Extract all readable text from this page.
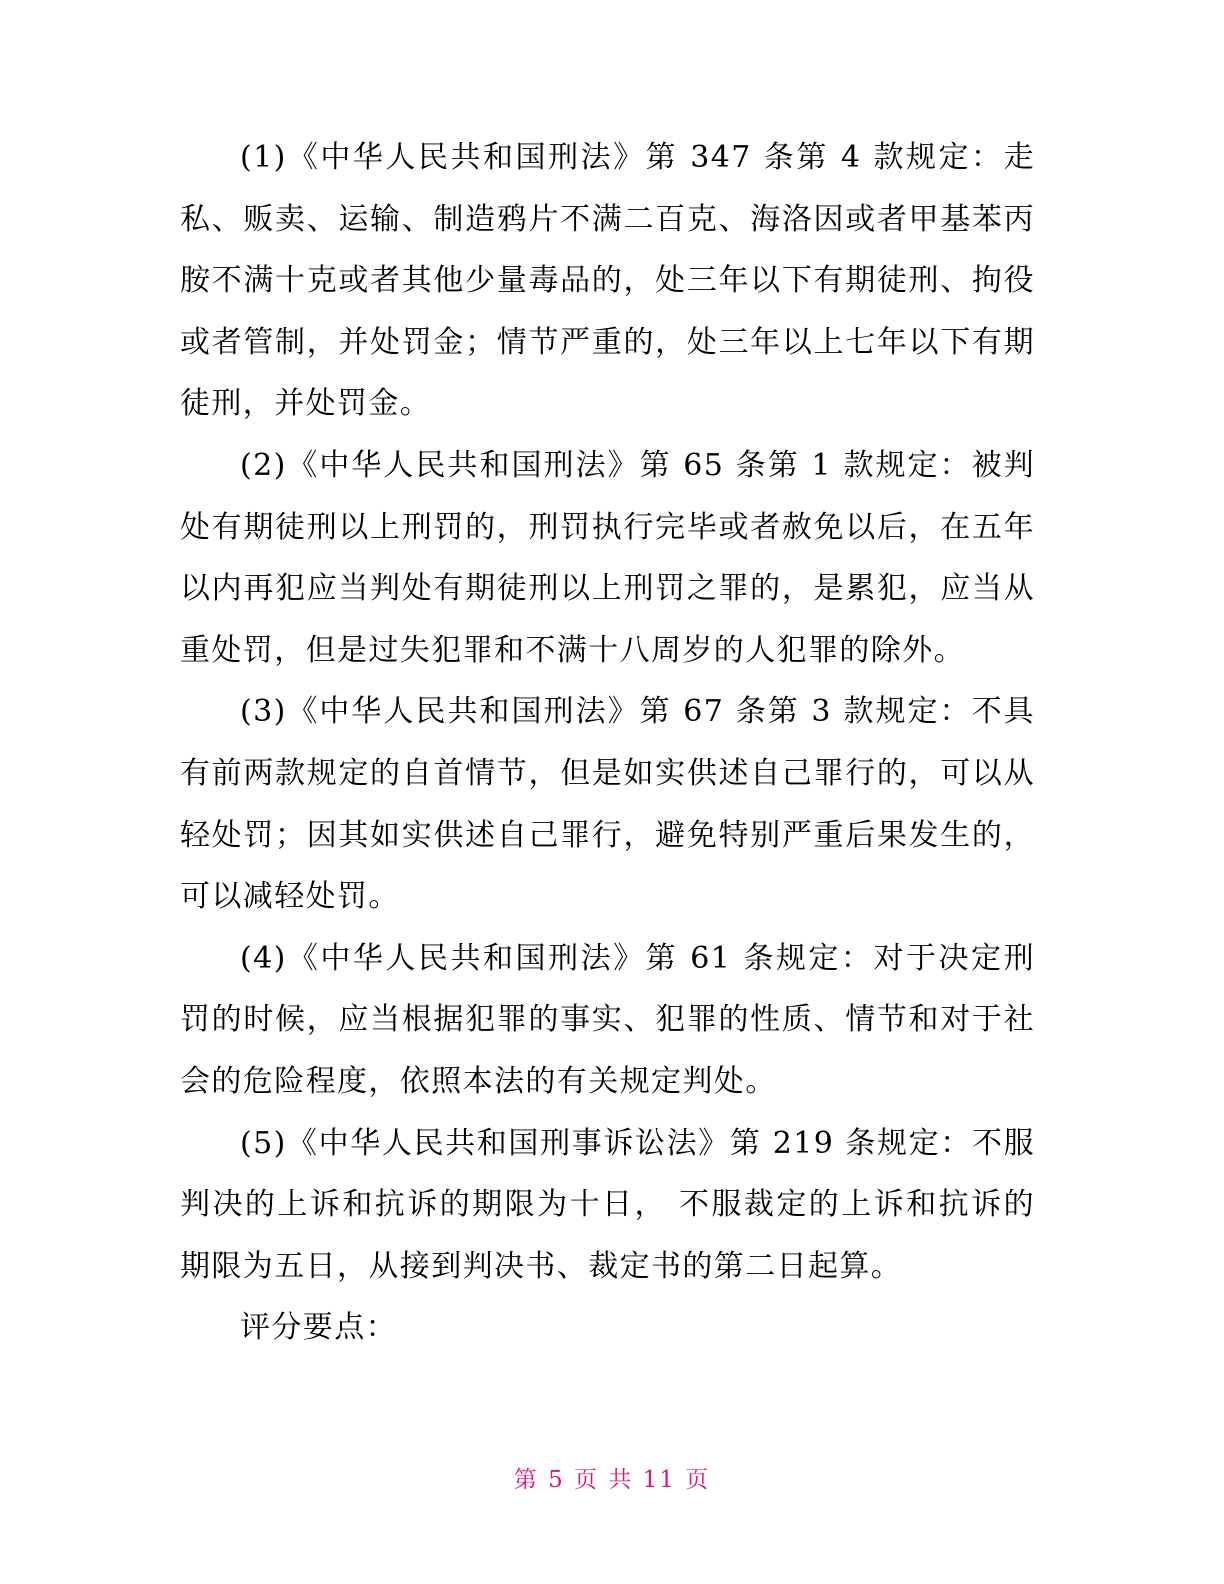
(1)《中华人民共和国刑法》第 347 条第 4 款规定：走私、贩卖、运输、制造鸦片不满二百克、海洛因或者甲基苯丙胺不满十克或者其他少量毒品的，处三年以下有期徒刑、拘役或者管制，并处罚金；情节严重的，处三年以上七年以下有期徒刑，并处罚金。

(2)《中华人民共和国刑法》第 65 条第 1 款规定：被判处有期徒刑以上刑罚的，刑罚执行完毕或者赦免以后，在五年以内再犯应当判处有期徒刑以上刑罚之罪的，是累犯，应当从重处罚，但是过失犯罪和不满十八周岁的人犯罪的除外。

(3)《中华人民共和国刑法》第 67 条第 3 款规定：不具有前两款规定的自首情节，但是如实供述自己罪行的，可以从轻处罚；因其如实供述自己罪行，避免特别严重后果发生的，可以减轻处罚。

(4)《中华人民共和国刑法》第 61 条规定：对于决定刑罚的时候，应当根据犯罪的事实、犯罪的性质、情节和对于社会的危险程度，依照本法的有关规定判处。

(5)《中华人民共和国刑事诉讼法》第 219 条规定：不服判决的上诉和抗诉的期限为十日， 不服裁定的上诉和抗诉的期限为五日，从接到判决书、裁定书的第二日起算。

评分要点：

第 5 页 共 11 页
